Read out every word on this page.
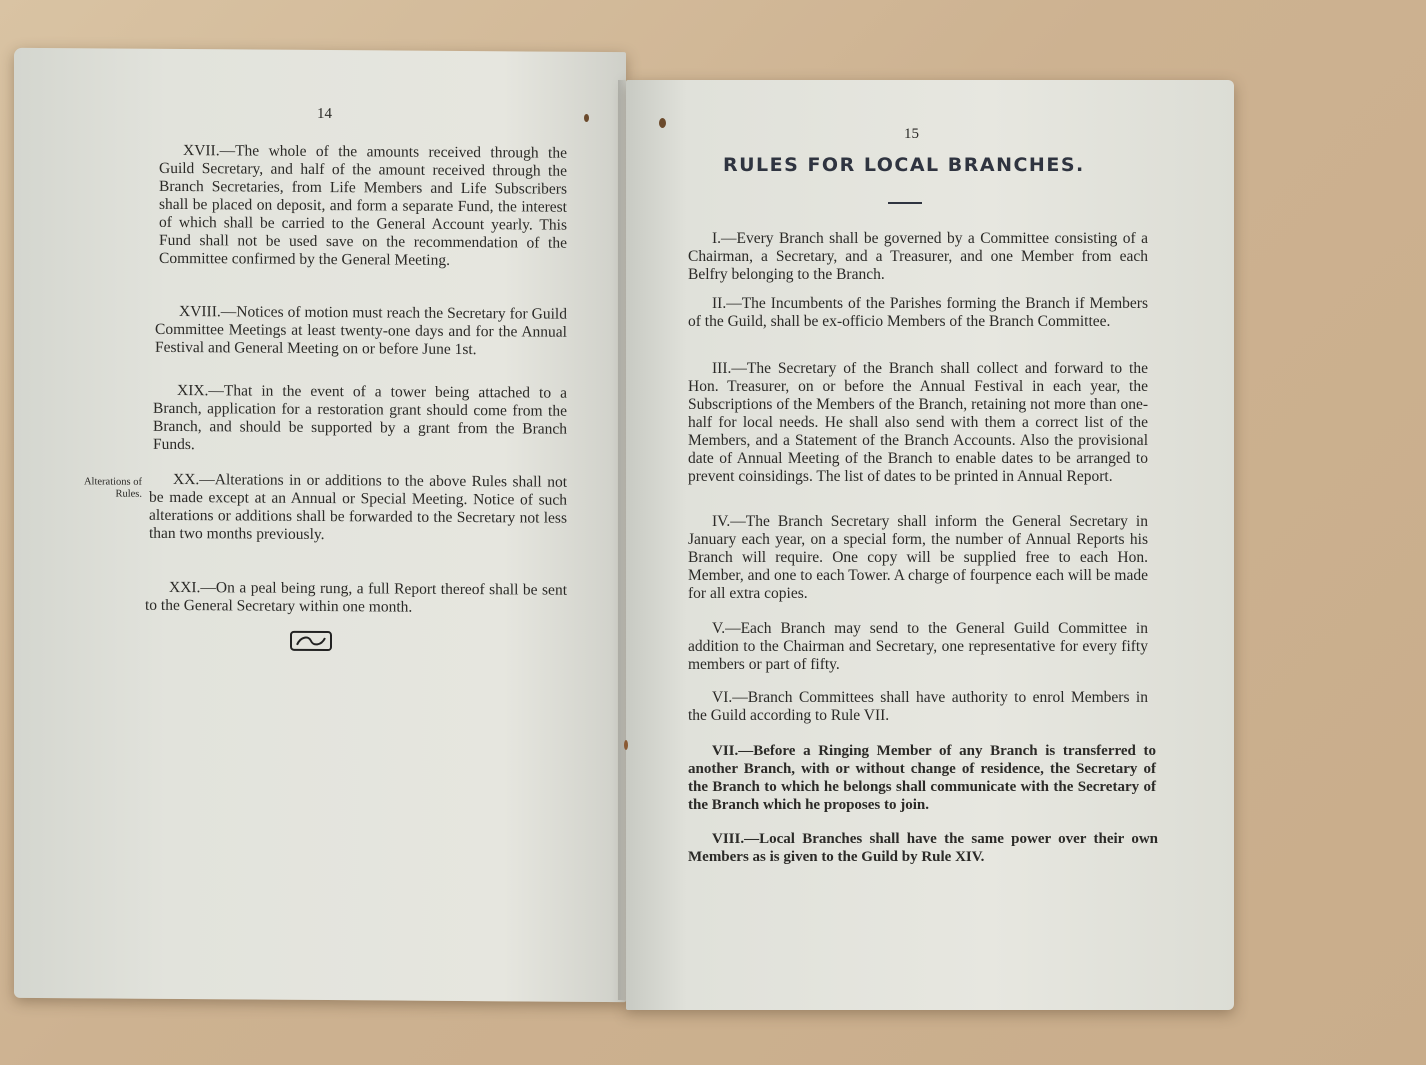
14
XVII.—The whole of the amounts received through the Guild Secretary, and half of the amount received through the Branch Secretaries, from Life Members and Life Subscribers shall be placed on deposit, and form a separate Fund, the interest of which shall be carried to the General Account yearly. This Fund shall not be used save on the recommendation of the Committee confirmed by the General Meeting.
XVIII.—Notices of motion must reach the Secretary for Guild Committee Meetings at least twenty-one days and for the Annual Festival and General Meeting on or before June 1st.
XIX.—That in the event of a tower being attached to a Branch, application for a restoration grant should come from the Branch, and should be supported by a grant from the Branch Funds.
Alterations of Rules.
XX.—Alterations in or additions to the above Rules shall not be made except at an Annual or Special Meeting. Notice of such alterations or additions shall be forwarded to the Secretary not less than two months previously.
XXI.—On a peal being rung, a full Report thereof shall be sent to the General Secretary within one month.
15
RULES FOR LOCAL BRANCHES.
I.—Every Branch shall be governed by a Committee consisting of a Chairman, a Secretary, and a Treasurer, and one Member from each Belfry belonging to the Branch.
II.—The Incumbents of the Parishes forming the Branch if Members of the Guild, shall be ex-officio Members of the Branch Committee.
III.—The Secretary of the Branch shall collect and forward to the Hon. Treasurer, on or before the Annual Festival in each year, the Subscriptions of the Members of the Branch, retaining not more than one-half for local needs. He shall also send with them a correct list of the Members, and a Statement of the Branch Accounts. Also the provisional date of Annual Meeting of the Branch to enable dates to be arranged to prevent coinsidings. The list of dates to be printed in Annual Report.
IV.—The Branch Secretary shall inform the General Secretary in January each year, on a special form, the number of Annual Reports his Branch will require. One copy will be supplied free to each Hon. Member, and one to each Tower. A charge of fourpence each will be made for all extra copies.
V.—Each Branch may send to the General Guild Committee in addition to the Chairman and Secretary, one representative for every fifty members or part of fifty.
VI.—Branch Committees shall have authority to enrol Members in the Guild according to Rule VII.
VII.—Before a Ringing Member of any Branch is transferred to another Branch, with or without change of residence, the Secretary of the Branch to which he belongs shall communicate with the Secretary of the Branch which he proposes to join.
VIII.—Local Branches shall have the same power over their own Members as is given to the Guild by Rule XIV.
